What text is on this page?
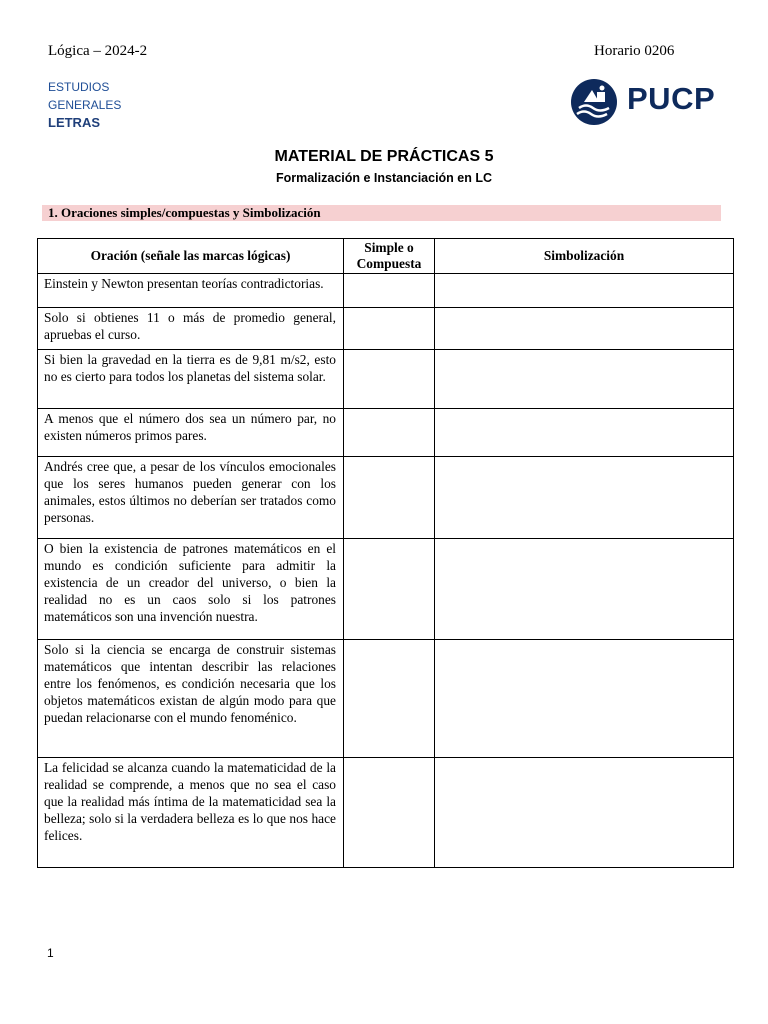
Lógica – 2024-2	Horario 0206
ESTUDIOS
GENERALES
LETRAS
PUCP
MATERIAL DE PRÁCTICAS 5
Formalización e Instanciación en LC
1. Oraciones simples/compuestas y Simbolización
Oración (señale las marcas lógicas)	Simple o Compuesta	Simbolización
Einstein y Newton presentan teorías contradictorias.		
Solo si obtienes 11 o más de promedio general, apruebas el curso.		
Si bien la gravedad en la tierra es de 9,81 m/s2, esto no es cierto para todos los planetas del sistema solar.		
A menos que el número dos sea un número par, no existen números primos pares.		
Andrés cree que, a pesar de los vínculos emocionales que los seres humanos pueden generar con los animales, estos últimos no deberían ser tratados como personas.		
O bien la existencia de patrones matemáticos en el mundo es condición suficiente para admitir la existencia de un creador del universo, o bien la realidad no es un caos solo si los patrones matemáticos son una invención nuestra.		
Solo si la ciencia se encarga de construir sistemas matemáticos que intentan describir las relaciones entre los fenómenos, es condición necesaria que los objetos matemáticos existan de algún modo para que puedan relacionarse con el mundo fenoménico.		
La felicidad se alcanza cuando la matematicidad de la realidad se comprende, a menos que no sea el caso que la realidad más íntima de la matematicidad sea la belleza; solo si la verdadera belleza es lo que nos hace felices.		
1
